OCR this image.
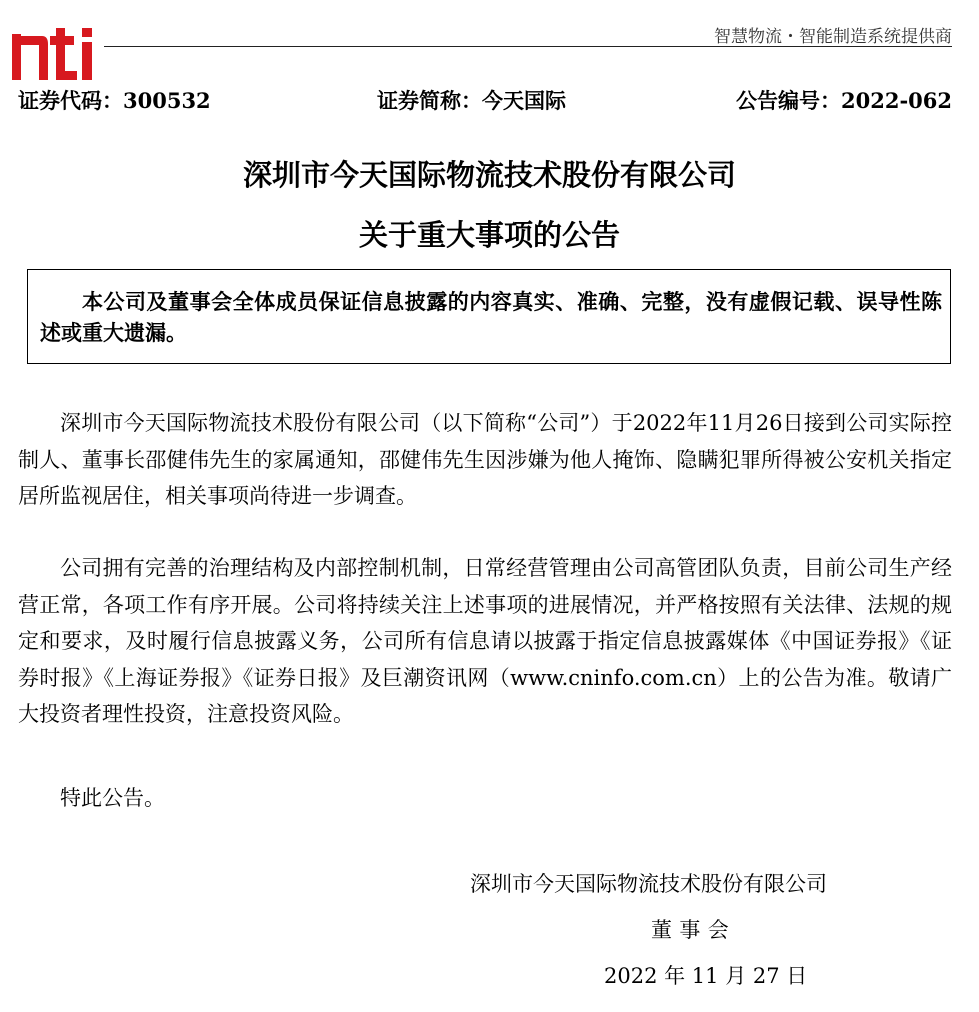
智慧物流・智能制造系统提供商
证券代码：300532	证券简称：今天国际	公告编号：2022-062
深圳市今天国际物流技术股份有限公司
关于重大事项的公告
本公司及董事会全体成员保证信息披露的内容真实、准确、完整，没有虚假记载、误导性陈述或重大遗漏。

深圳市今天国际物流技术股份有限公司（以下简称“公司”）于2022年11月26日接到公司实际控制人、董事长邵健伟先生的家属通知，邵健伟先生因涉嫌为他人掩饰、隐瞒犯罪所得被公安机关指定居所监视居住，相关事项尚待进一步调查。

公司拥有完善的治理结构及内部控制机制，日常经营管理由公司高管团队负责，目前公司生产经营正常，各项工作有序开展。公司将持续关注上述事项的进展情况，并严格按照有关法律、法规的规定和要求，及时履行信息披露义务，公司所有信息请以披露于指定信息披露媒体《中国证券报》《证券时报》《上海证券报》《证券日报》及巨潮资讯网（www.cninfo.com.cn）上的公告为准。敬请广大投资者理性投资，注意投资风险。

特此公告。

深圳市今天国际物流技术股份有限公司
董事会
2022 年 11 月 27 日
